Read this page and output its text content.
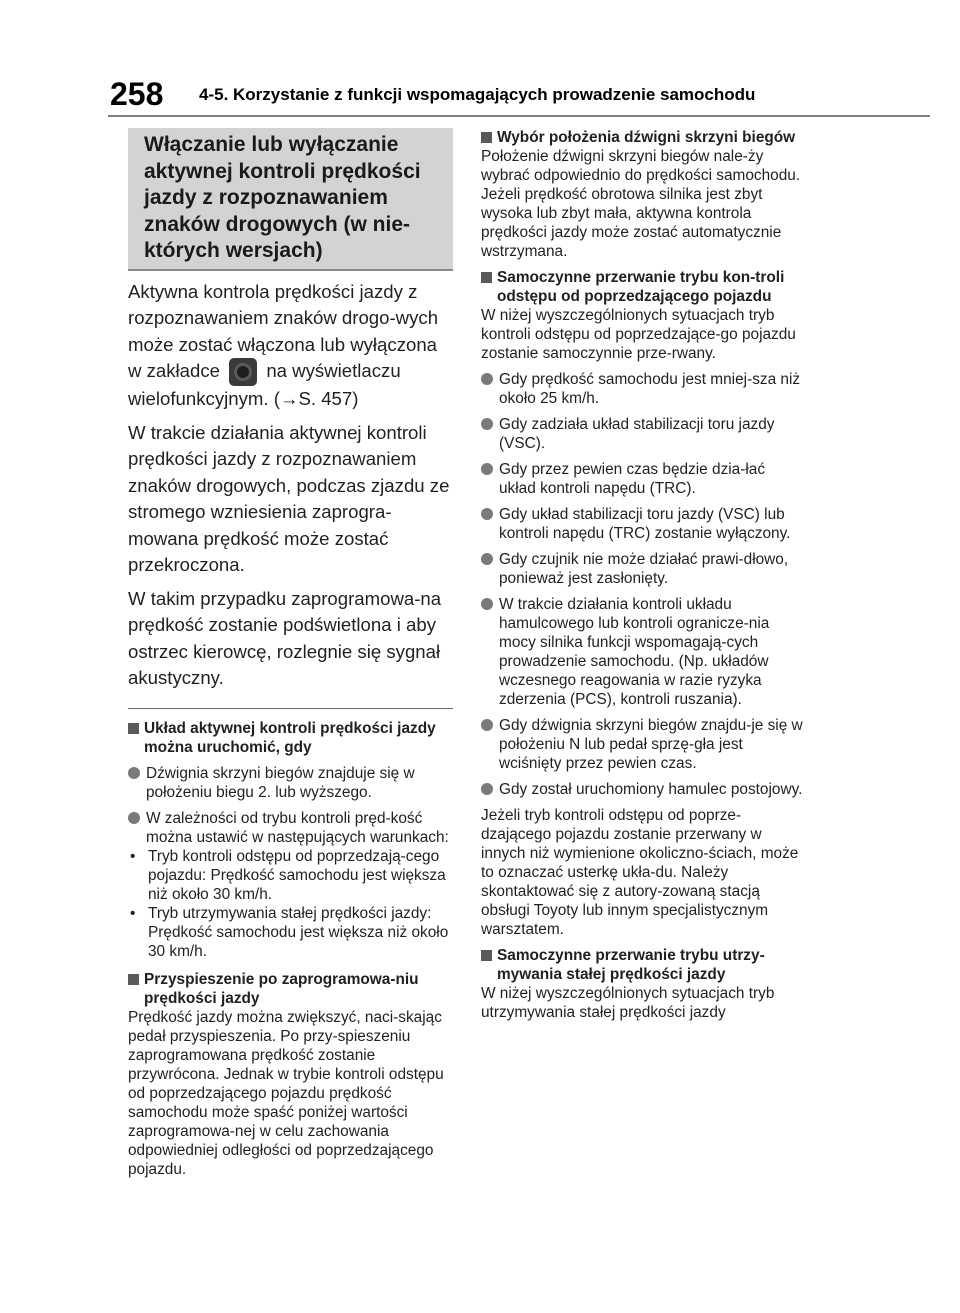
258 4-5. Korzystanie z funkcji wspomagających prowadzenie samochodu
Włączanie lub wyłączanie aktywnej kontroli prędkości jazdy z rozpoznawaniem znaków drogowych (w nie-których wersjach)

Aktywna kontrola prędkości jazdy z rozpoznawaniem znaków drogo-wych może zostać włączona lub wyłączona w zakładce na wyświetlaczu wielofunkcyjnym. (→S. 457)

W trakcie działania aktywnej kontroli prędkości jazdy z rozpoznawaniem znaków drogowych, podczas zjazdu ze stromego wzniesienia zaprogra-mowana prędkość może zostać przekroczona.

W takim przypadku zaprogramowa-na prędkość zostanie podświetlona i aby ostrzec kierowcę, rozlegnie się sygnał akustyczny.

Układ aktywnej kontroli prędkości jazdy można uruchomić, gdy
Dźwignia skrzyni biegów znajduje się w położeniu biegu 2. lub wyższego.
W zależności od trybu kontroli pręd-kość można ustawić w następujących warunkach:
• Tryb kontroli odstępu od poprzedzają-cego pojazdu: Prędkość samochodu jest większa niż około 30 km/h.
• Tryb utrzymywania stałej prędkości jazdy: Prędkość samochodu jest większa niż około 30 km/h.
Przyspieszenie po zaprogramowa-niu prędkości jazdy

Prędkość jazdy można zwiększyć, naci-skając pedał przyspieszenia. Po przy-spieszeniu zaprogramowana prędkość zostanie przywrócona. Jednak w trybie kontroli odstępu od poprzedzającego pojazdu prędkość samochodu może spaść poniżej wartości zaprogramowa-nej w celu zachowania odpowiedniej odległości od poprzedzającego pojazdu.

Wybór położenia dźwigni skrzyni biegów

Położenie dźwigni skrzyni biegów nale-ży wybrać odpowiednio do prędkości samochodu. Jeżeli prędkość obrotowa silnika jest zbyt wysoka lub zbyt mała, aktywna kontrola prędkości jazdy może zostać automatycznie wstrzymana.

Samoczynne przerwanie trybu kon-troli odstępu od poprzedzającego pojazdu

W niżej wyszczególnionych sytuacjach tryb kontroli odstępu od poprzedzające-go pojazdu zostanie samoczynnie prze-rwany.

Gdy prędkość samochodu jest mniej-sza niż około 25 km/h.
Gdy zadziała układ stabilizacji toru jazdy (VSC).
Gdy przez pewien czas będzie dzia-łać układ kontroli napędu (TRC).
Gdy układ stabilizacji toru jazdy (VSC) lub kontroli napędu (TRC) zostanie wyłączony.
Gdy czujnik nie może działać prawi-dłowo, ponieważ jest zasłonięty.
W trakcie działania kontroli układu hamulcowego lub kontroli ogranicze-nia mocy silnika funkcji wspomagają-cych prowadzenie samochodu. (Np. układów wczesnego reagowania w razie ryzyka zderzenia (PCS), kontroli ruszania).
Gdy dźwignia skrzyni biegów znajdu-je się w położeniu N lub pedał sprzę-gła jest wciśnięty przez pewien czas.
Gdy został uruchomiony hamulec postojowy.

Jeżeli tryb kontroli odstępu od poprze-dzającego pojazdu zostanie przerwany w innych niż wymienione okoliczno-ściach, może to oznaczać usterkę ukła-du. Należy skontaktować się z autory-zowaną stacją obsługi Toyoty lub innym specjalistycznym warsztatem.

Samoczynne przerwanie trybu utrzy-mywania stałej prędkości jazdy

W niżej wyszczególnionych sytuacjach tryb utrzymywania stałej prędkości jazdy
